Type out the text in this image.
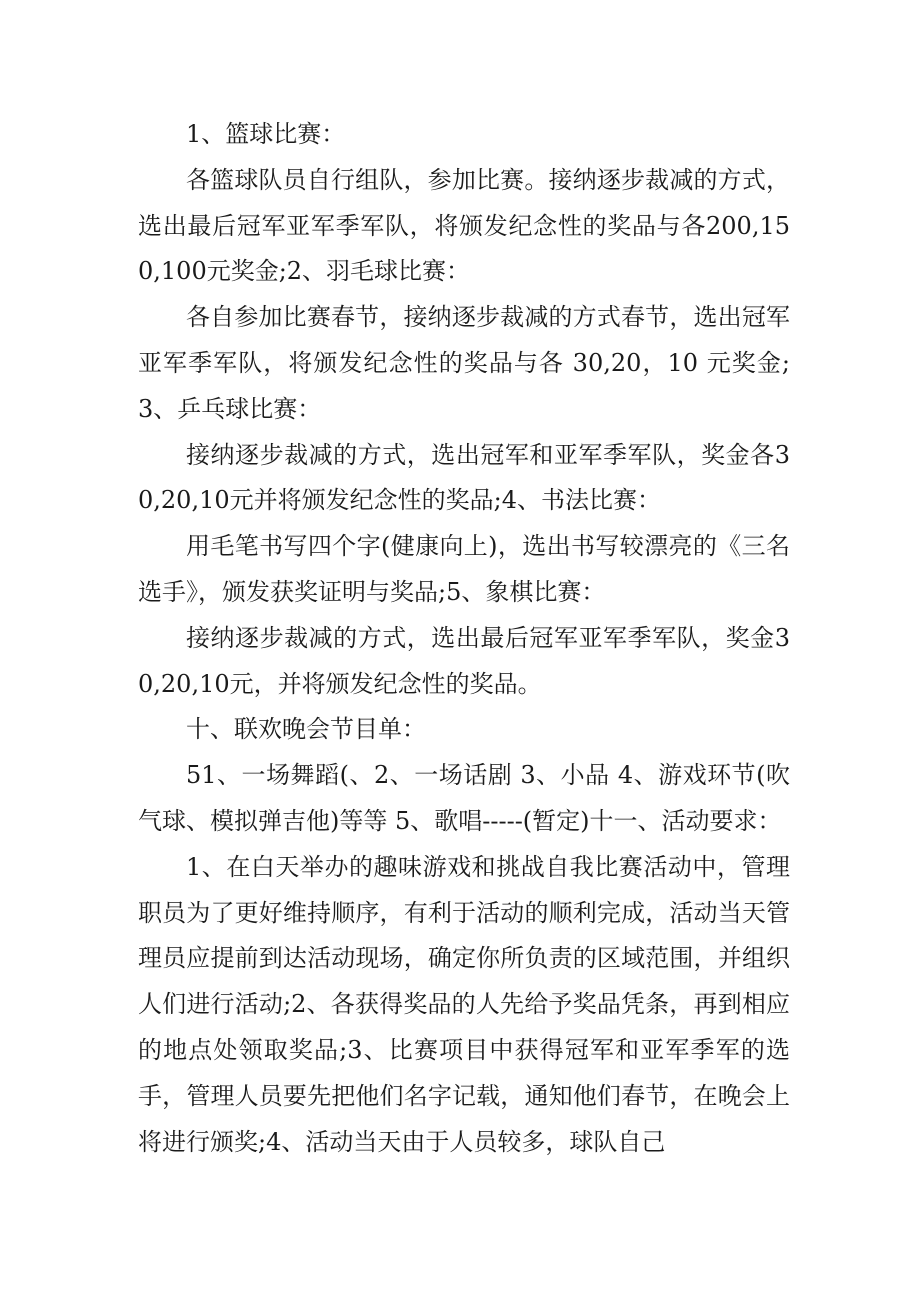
1、篮球比赛：

各篮球队员自行组队，参加比赛。接纳逐步裁减的方式，选出最后冠军亚军季军队，将颁发纪念性的奖品与各200,150,100元奖金;2、羽毛球比赛：

各自参加比赛春节，接纳逐步裁减的方式春节，选出冠军亚军季军队，将颁发纪念性的奖品与各 30,20，10 元奖金;3、乒乓球比赛：

接纳逐步裁减的方式，选出冠军和亚军季军队，奖金各30,20,10元并将颁发纪念性的奖品;4、书法比赛：

用毛笔书写四个字(健康向上)，选出书写较漂亮的《三名选手》，颁发获奖证明与奖品;5、象棋比赛：

接纳逐步裁减的方式，选出最后冠军亚军季军队，奖金30,20,10元，并将颁发纪念性的奖品。

十、联欢晚会节目单：

51、一场舞蹈(、2、一场话剧 3、小品 4、游戏环节(吹气球、模拟弹吉他)等等 5、歌唱-----(暂定)十一、活动要求：

1、在白天举办的趣味游戏和挑战自我比赛活动中，管理职员为了更好维持顺序，有利于活动的顺利完成，活动当天管理员应提前到达活动现场，确定你所负责的区域范围，并组织人们进行活动;2、各获得奖品的人先给予奖品凭条，再到相应的地点处领取奖品;3、比赛项目中获得冠军和亚军季军的选手，管理人员要先把他们名字记载，通知他们春节，在晚会上将进行颁奖;4、活动当天由于人员较多，球队自己
